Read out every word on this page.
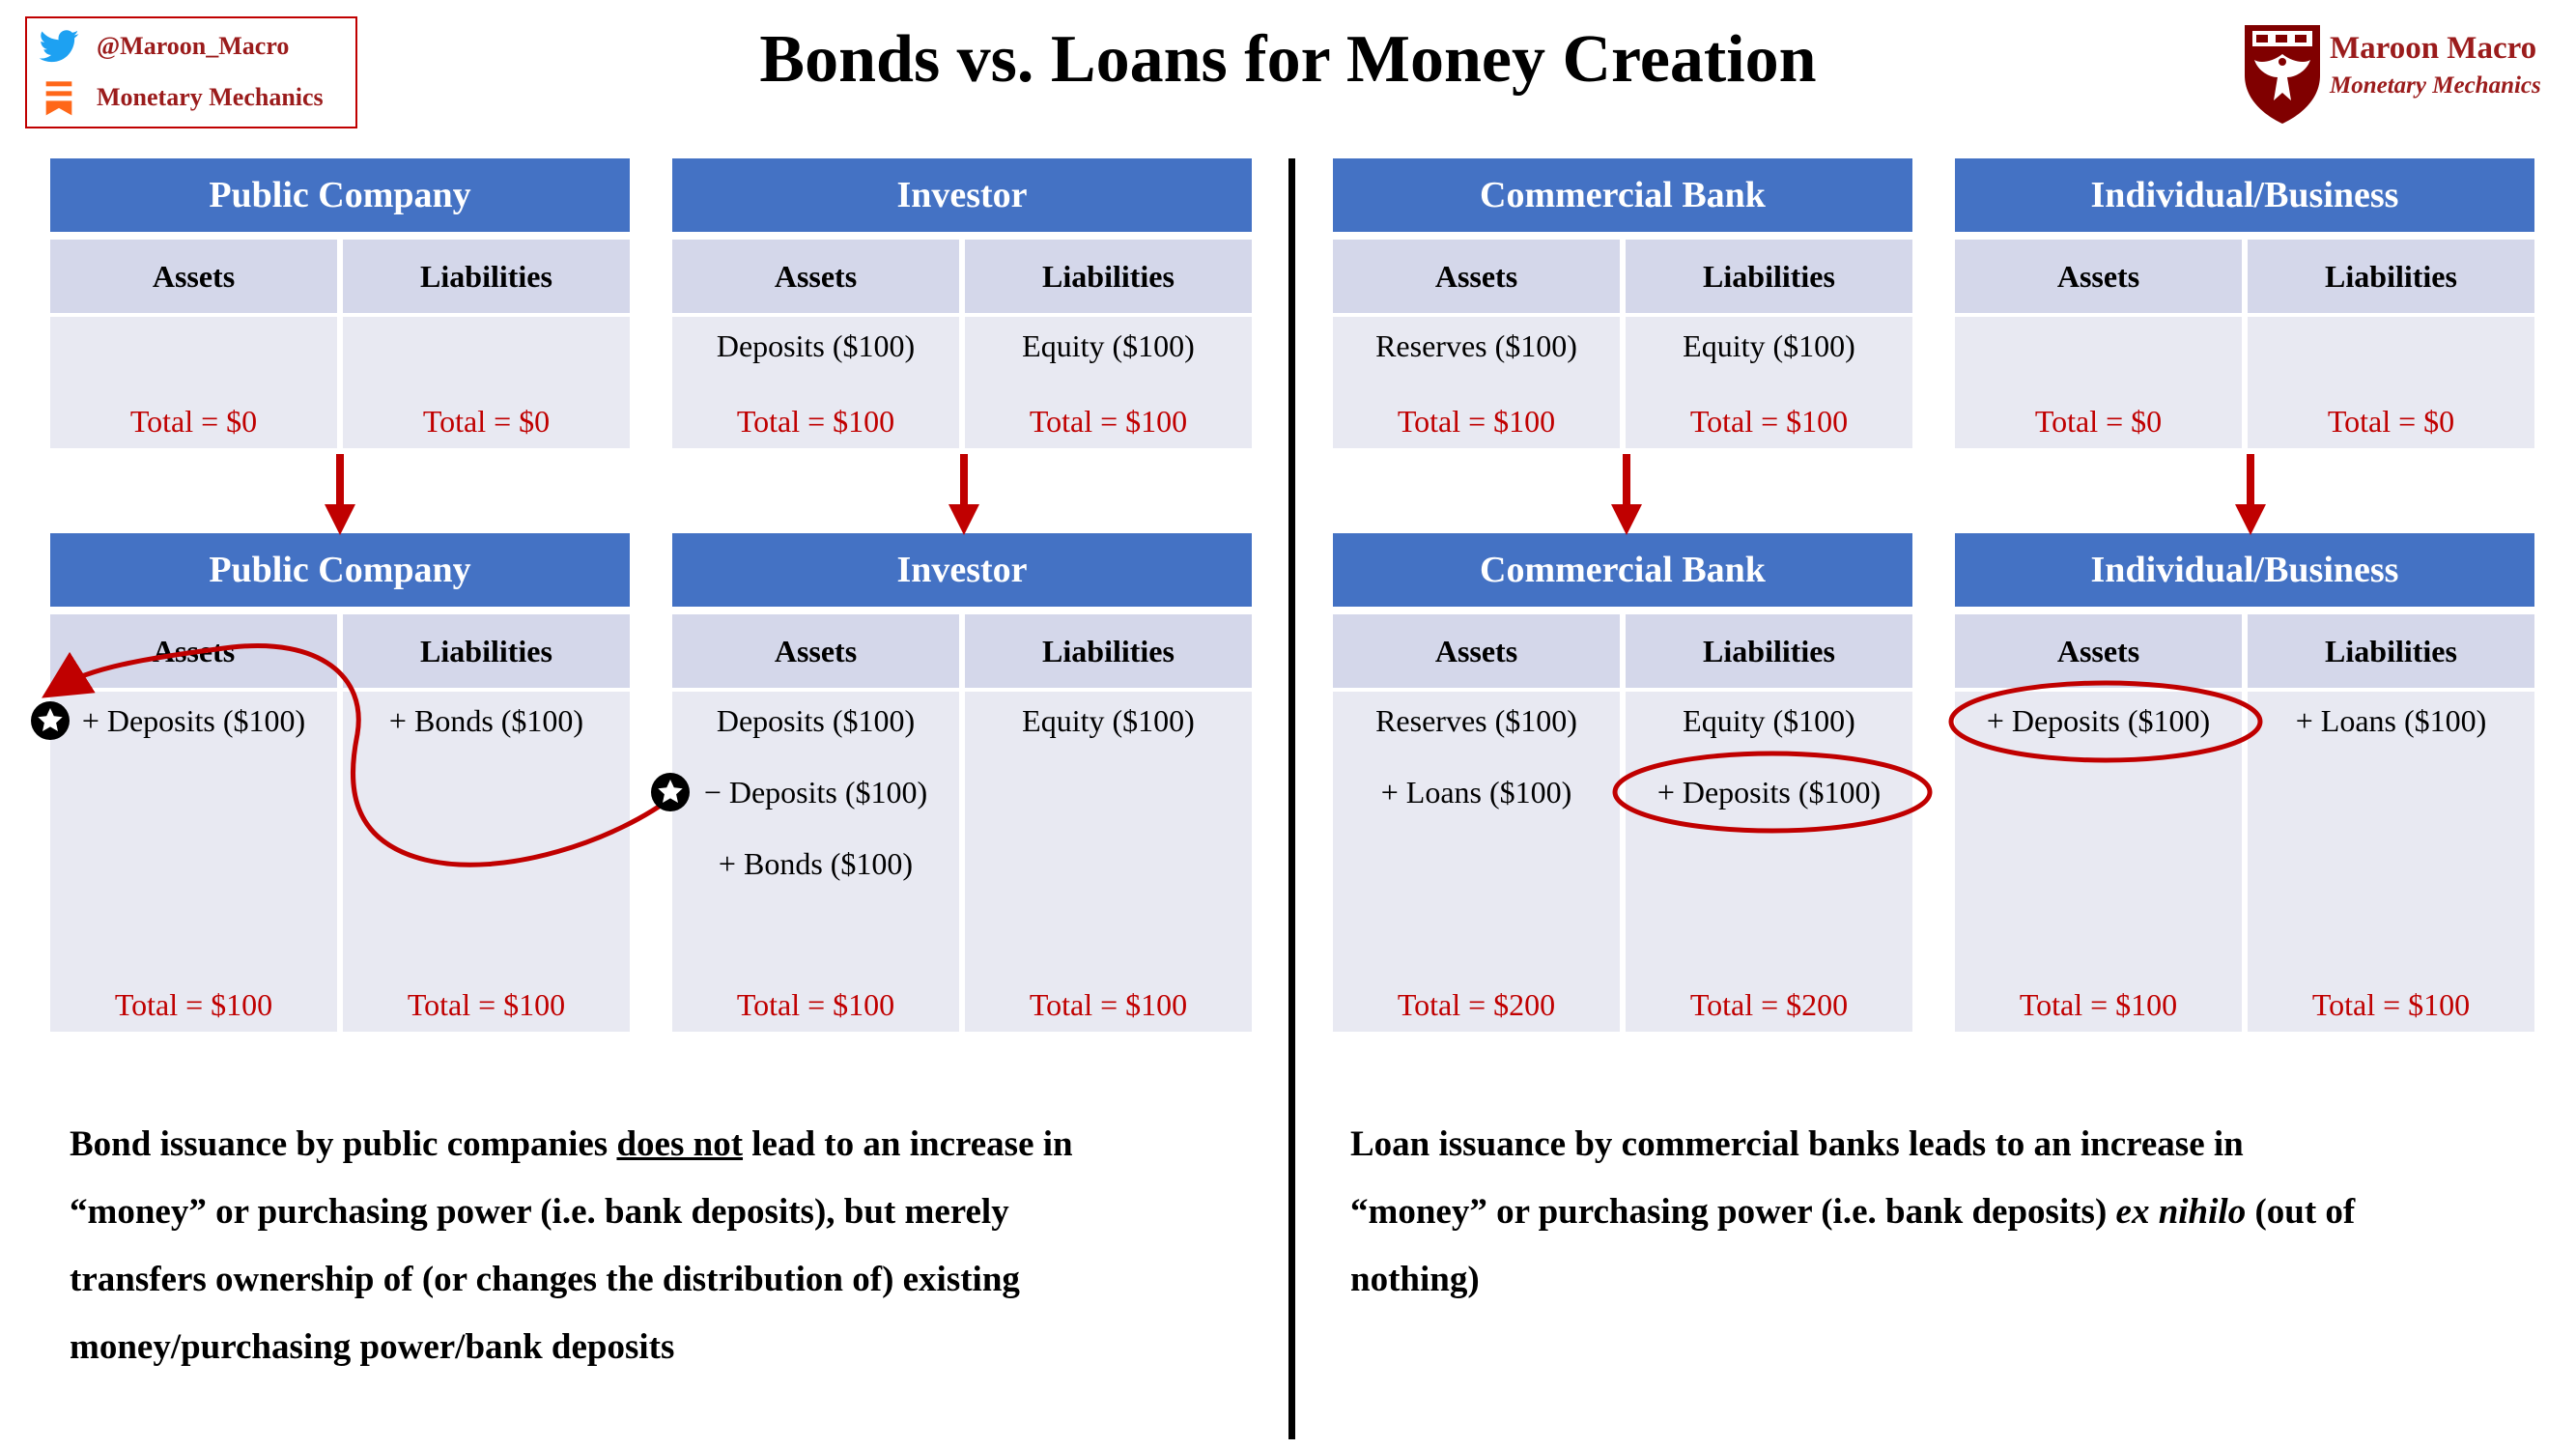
@Maroon_Macro
Monetary Mechanics
Bonds vs. Loans for Money Creation	Maroon Macro
Monetary Mechanics
Public Company
Assets
Total = $0
Liabilities
Total = $0
Investor
Assets
Deposits ($100)
Total = $100
Liabilities
Equity ($100)
Total = $100
Commercial Bank
Assets
Reserves ($100)
Total = $100
Liabilities
Equity ($100)
Total = $100
Individual/Business
Assets
Total = $0
Liabilities
Total = $0
Public Company
Assets
+ Deposits ($100)
Total = $100
Liabilities
+ Bonds ($100)
Total = $100
Investor
Assets
Deposits ($100)
− Deposits ($100)
+ Bonds ($100)
Total = $100
Liabilities
Equity ($100)
Total = $100
Commercial Bank
Assets
Reserves ($100)
+ Loans ($100)
Total = $200
Liabilities
Equity ($100)
+ Deposits ($100)
Total = $200
Individual/Business
Assets
+ Deposits ($100)
Total = $100
Liabilities
+ Loans ($100)
Total = $100
Bond issuance by public companies does not lead to an increase in
“money” or purchasing power (i.e. bank deposits), but merely
transfers ownership of (or changes the distribution of) existing
money/purchasing power/bank deposits
Loan issuance by commercial banks leads to an increase in
“money” or purchasing power (i.e. bank deposits) ex nihilo (out of
nothing)
